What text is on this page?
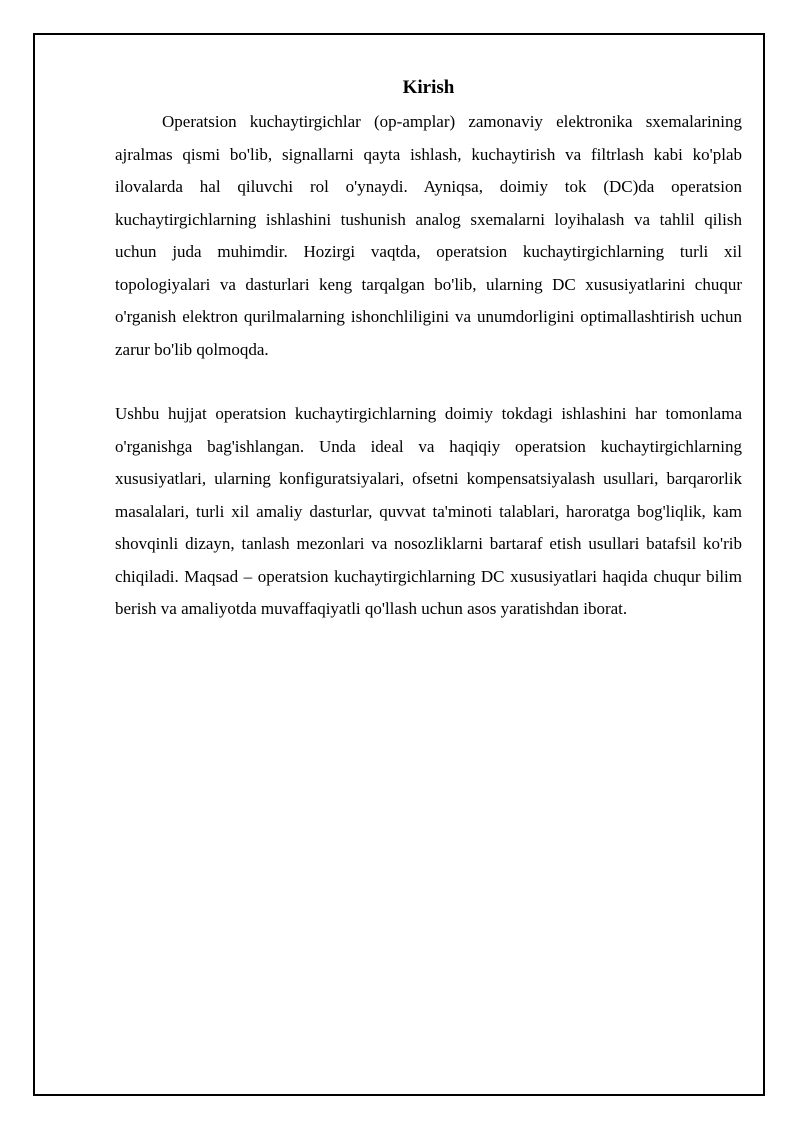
Kirish

Operatsion kuchaytirgichlar (op-amplar) zamonaviy elektronika sxemalarining ajralmas qismi bo'lib, signallarni qayta ishlash, kuchaytirish va filtrlash kabi ko'plab ilovalarda hal qiluvchi rol o'ynaydi. Ayniqsa, doimiy tok (DC)da operatsion kuchaytirgichlarning ishlashini tushunish analog sxemalarni loyihalash va tahlil qilish uchun juda muhimdir. Hozirgi vaqtda, operatsion kuchaytirgichlarning turli xil topologiyalari va dasturlari keng tarqalgan bo'lib, ularning DC xususiyatlarini chuqur o'rganish elektron qurilmalarning ishonchliligini va unumdorligini optimallashtirish uchun zarur bo'lib qolmoqda.

Ushbu hujjat operatsion kuchaytirgichlarning doimiy tokdagi ishlashini har tomonlama o'rganishga bag'ishlangan. Unda ideal va haqiqiy operatsion kuchaytirgichlarning xususiyatlari, ularning konfiguratsiyalari, ofsetni kompensatsiyalash usullari, barqarorlik masalalari, turli xil amaliy dasturlar, quvvat ta'minoti talablari, haroratga bog'liqlik, kam shovqinli dizayn, tanlash mezonlari va nosozliklarni bartaraf etish usullari batafsil ko'rib chiqiladi. Maqsad – operatsion kuchaytirgichlarning DC xususiyatlari haqida chuqur bilim berish va amaliyotda muvaffaqiyatli qo'llash uchun asos yaratishdan iborat.
